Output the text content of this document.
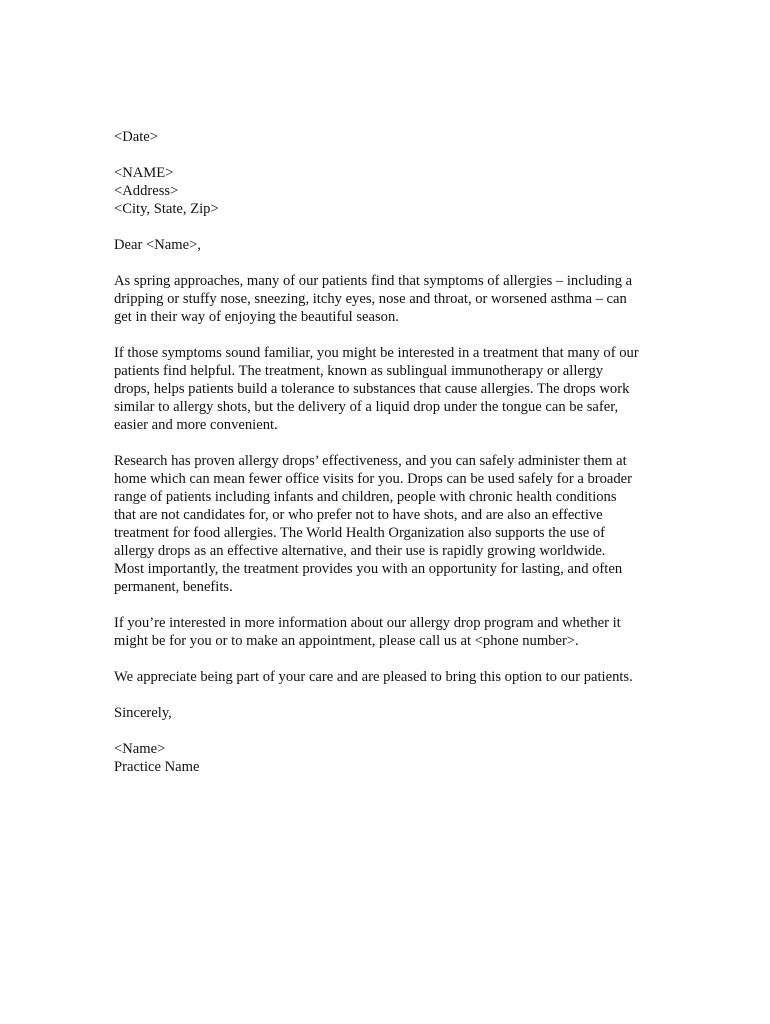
<Date>

<NAME>
<Address>
<City, State, Zip>

Dear <Name>,

As spring approaches, many of our patients find that symptoms of allergies – including a
dripping or stuffy nose, sneezing, itchy eyes, nose and throat, or worsened asthma – can
get in their way of enjoying the beautiful season.

If those symptoms sound familiar, you might be interested in a treatment that many of our
patients find helpful. The treatment, known as sublingual immunotherapy or allergy
drops, helps patients build a tolerance to substances that cause allergies. The drops work
similar to allergy shots, but the delivery of a liquid drop under the tongue can be safer,
easier and more convenient.

Research has proven allergy drops’ effectiveness, and you can safely administer them at
home which can mean fewer office visits for you. Drops can be used safely for a broader
range of patients including infants and children, people with chronic health conditions
that are not candidates for, or who prefer not to have shots, and are also an effective
treatment for food allergies. The World Health Organization also supports the use of
allergy drops as an effective alternative, and their use is rapidly growing worldwide.
Most importantly, the treatment provides you with an opportunity for lasting, and often
permanent, benefits.

If you’re interested in more information about our allergy drop program and whether it
might be for you or to make an appointment, please call us at <phone number>.

We appreciate being part of your care and are pleased to bring this option to our patients.

Sincerely,

<Name>
Practice Name
